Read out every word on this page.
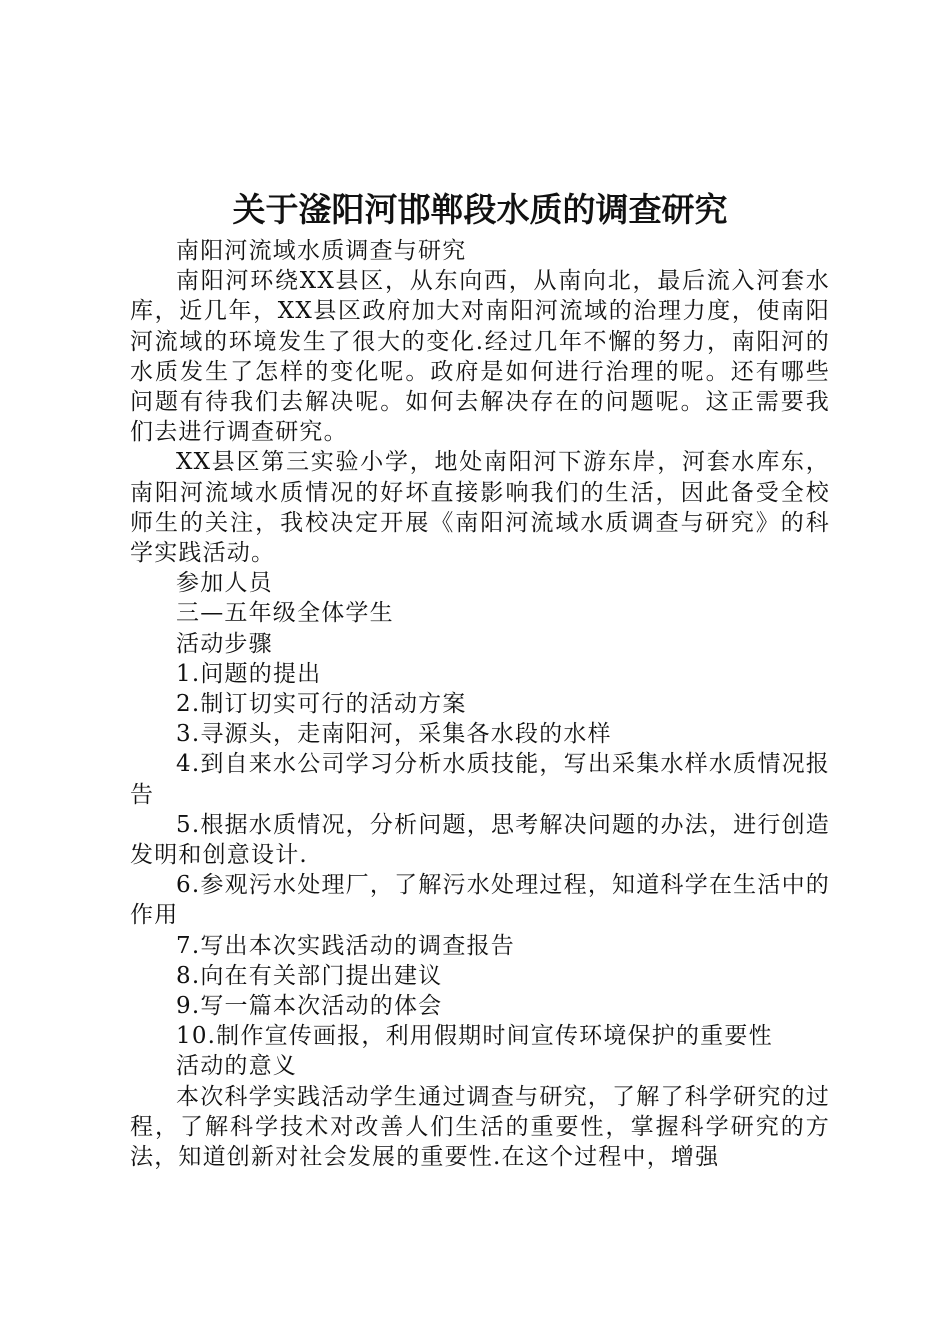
关于滏阳河邯郸段水质的调查研究

南阳河流域水质调查与研究

南阳河环绕XX县区，从东向西，从南向北，最后流入河套水库，近几年，XX县区政府加大对南阳河流域的治理力度，使南阳河流域的环境发生了很大的变化.经过几年不懈的努力，南阳河的水质发生了怎样的变化呢。政府是如何进行治理的呢。还有哪些问题有待我们去解决呢。如何去解决存在的问题呢。这正需要我们去进行调查研究。

XX县区第三实验小学，地处南阳河下游东岸，河套水库东，南阳河流域水质情况的好坏直接影响我们的生活，因此备受全校师生的关注，我校决定开展《南阳河流域水质调查与研究》的科学实践活动。

参加人员

三—五年级全体学生

活动步骤

1.问题的提出

2.制订切实可行的活动方案

3.寻源头，走南阳河，采集各水段的水样

4.到自来水公司学习分析水质技能，写出采集水样水质情况报告

5.根据水质情况，分析问题，思考解决问题的办法，进行创造发明和创意设计.

6.参观污水处理厂，了解污水处理过程，知道科学在生活中的作用

7.写出本次实践活动的调查报告

8.向在有关部门提出建议

9.写一篇本次活动的体会

10.制作宣传画报，利用假期时间宣传环境保护的重要性

活动的意义

本次科学实践活动学生通过调查与研究，了解了科学研究的过程，了解科学技术对改善人们生活的重要性，掌握科学研究的方法，知道创新对社会发展的重要性.在这个过程中，增强
